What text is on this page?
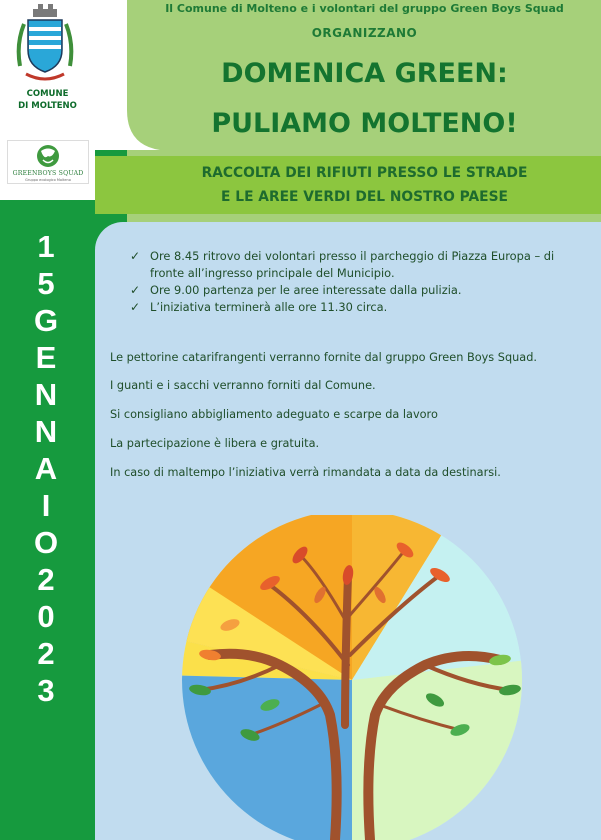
COMUNE
DI MOLTENO
GREENBOYS SQUAD
Gruppo ecologico Molteno
1
5
G
E
N
N
A
I
O
2
0
2
3
Il Comune di Molteno e i volontari del gruppo Green Boys Squad
ORGANIZZANO
DOMENICA GREEN:
PULIAMO MOLTENO!
RACCOLTA DEI RIFIUTI PRESSO LE STRADE
E LE AREE VERDI DEL NOSTRO PAESE
✓ Ore 8.45 ritrovo dei volontari presso il parcheggio di Piazza Europa – di fronte all’ingresso principale del Municipio.
✓ Ore 9.00 partenza per le aree interessate dalla pulizia.
✓ L’iniziativa terminerà alle ore 11.30 circa.

Le pettorine catarifrangenti verranno fornite dal gruppo Green Boys Squad.

I guanti e i sacchi verranno forniti dal Comune.

Si consigliano abbigliamento adeguato e scarpe da lavoro

La partecipazione è libera e gratuita.

In caso di maltempo l’iniziativa verrà rimandata a data da destinarsi.
